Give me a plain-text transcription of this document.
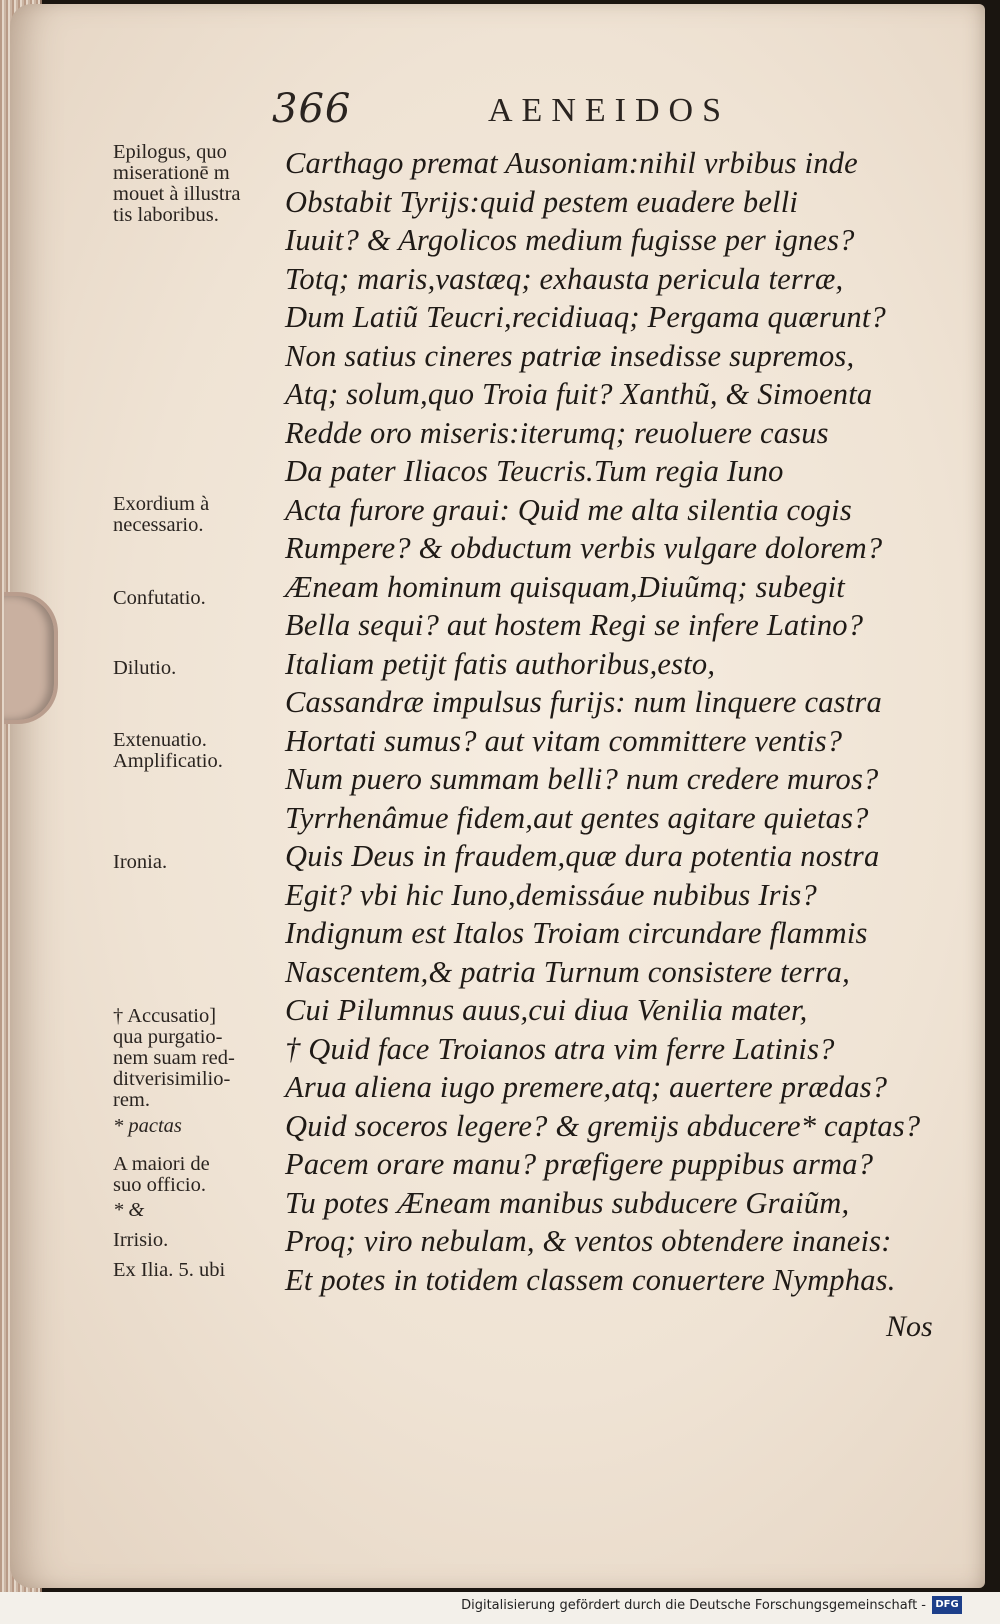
366	AENEIDOS
Carthago premat Ausoniam:nihil vrbibus inde
Obstabit Tyrijs:quid pestem euadere belli
Iuuit? & Argolicos medium fugisse per ignes?
Totq; maris,vastæq; exhausta pericula terræ,
Dum Latiũ Teucri,recidiuaq; Pergama quærunt?
Non satius cineres patriæ insedisse supremos,
Atq; solum,quo Troia fuit? Xanthũ, & Simoenta
Redde oro miseris:iterumq; reuoluere casus
Da pater Iliacos Teucris.Tum regia Iuno
Acta furore graui: Quid me alta silentia cogis
Rumpere? & obductum verbis vulgare dolorem?
Æneam hominum quisquam,Diuũmq; subegit
Bella sequi? aut hostem Regi se infere Latino?
Italiam petijt fatis authoribus,esto,
Cassandræ impulsus furijs: num linquere castra
Hortati sumus? aut vitam committere ventis?
Num puero summam belli? num credere muros?
Tyrrhenâmue fidem,aut gentes agitare quietas?
Quis Deus in fraudem,quæ dura potentia nostra
Egit? vbi hic Iuno,demissáue nubibus Iris?
Indignum est Italos Troiam circundare flammis
Nascentem,& patria Turnum consistere terra,
Cui Pilumnus auus,cui diua Venilia mater,
† Quid face Troianos atra vim ferre Latinis?
Arua aliena iugo premere,atq; auertere prædas?
Quid soceros legere? & gremijs abducere* captas?
Pacem orare manu? præfigere puppibus arma?
Tu potes Æneam manibus subducere Graiũm,
Proq; viro nebulam, & ventos obtendere inaneis:
Et potes in totidem classem conuertere Nymphas.
Nos
Epilogus, quo
miserationē m
mouet à illustra
tis laboribus.
Exordium à
necessario.
Confutatio.
Dilutio.
Extenuatio.
Amplificatio.
Ironia.
† Accusatio]
qua purgatio-
nem suam red-
ditverisimilio-
rem.
* pactas
A maiori de
suo officio.
* &
Irrisio.
Ex Ilia. 5. ubi
Digitalisierung gefördert durch die Deutsche Forschungsgemeinschaft - DFG
